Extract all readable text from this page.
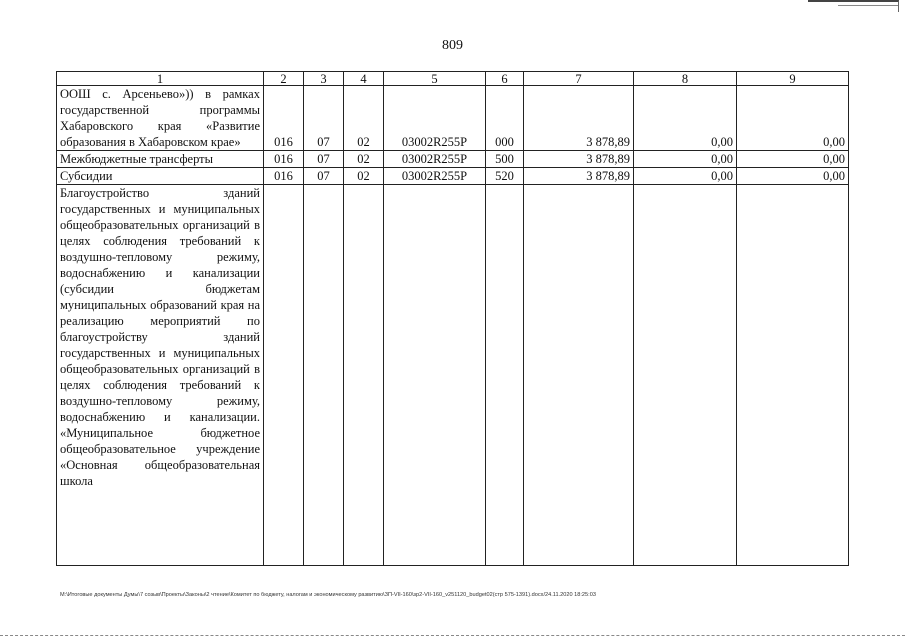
809
1	2	3	4	5	6	7	8	9
ООШ с. Арсеньево»)) в рамках государственной программы Хабаровского края «Развитие образования в Хабаровском крае»	016	07	02	03002R255P	000	3 878,89	0,00	0,00
Межбюджетные трансферты	016	07	02	03002R255P	500	3 878,89	0,00	0,00
Субсидии	016	07	02	03002R255P	520	3 878,89	0,00	0,00

Благоустройство зданий государственных и муниципальных общеобразовательных организаций в целях соблюдения требований к воздушно-тепловому режиму, водоснабжению и канализации (субсидии бюджетам муниципальных образований края на реализацию мероприятий по благоустройству зданий государственных и муниципальных общеобразовательных организаций в целях соблюдения требований к воздушно-тепловому режиму, водоснабжению и канализации. «Муниципальное бюджетное общеобразовательное учреждение «Основная общеобразовательная школа								

M:\Итоговые документы Думы\7 созыв\Проекты\Законы\2 чтение\Комитет по бюджету, налогам и экономическому развитию\ЗП-VII-160\зр2-VII-160_v251120_budget02(стр 575-1391).docx/24.11.2020 18:25:03
